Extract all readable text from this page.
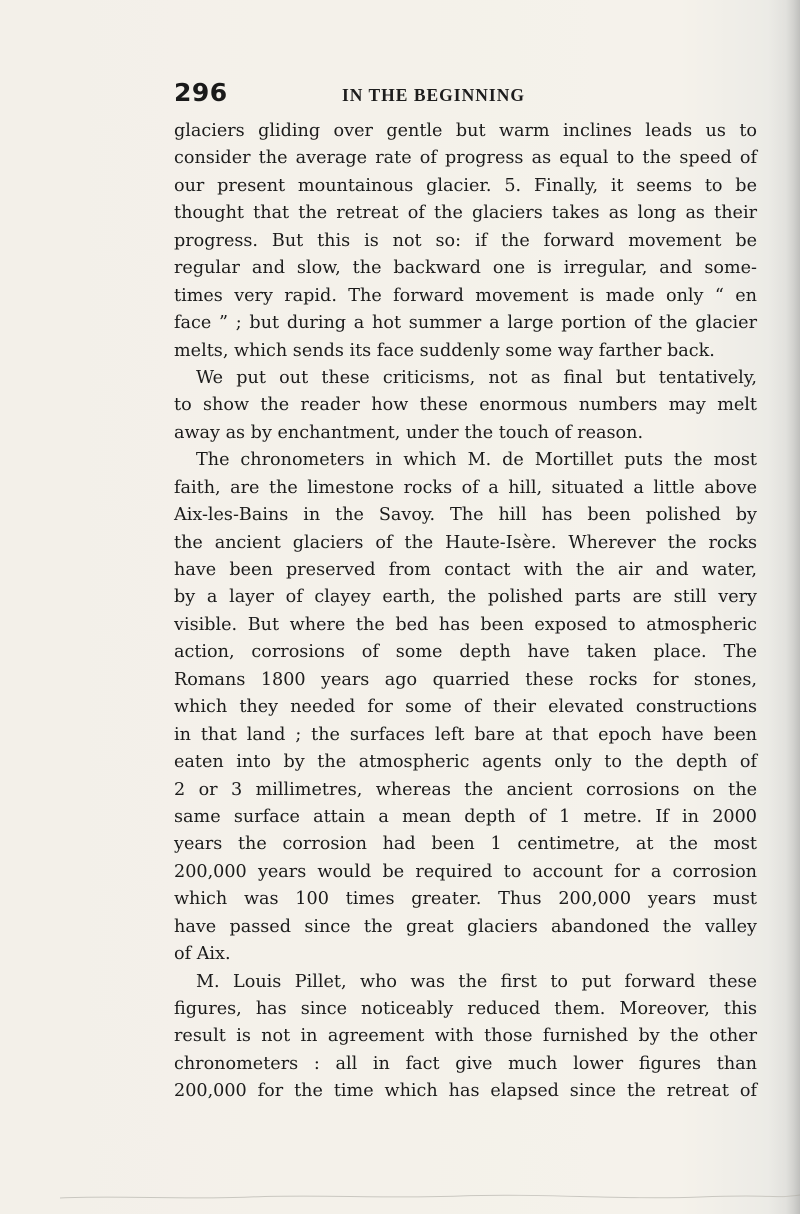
296	IN THE BEGINNING
glaciers gliding over gentle but warm inclines leads us to
consider the average rate of progress as equal to the speed of
our present mountainous glacier. 5. Finally, it seems to be
thought that the retreat of the glaciers takes as long as their
progress. But this is not so: if the forward movement be
regular and slow, the backward one is irregular, and some-
times very rapid. The forward movement is made only “ en
face ” ; but during a hot summer a large portion of the glacier
melts, which sends its face suddenly some way farther back.
We put out these criticisms, not as final but tentatively,
to show the reader how these enormous numbers may melt
away as by enchantment, under the touch of reason.
The chronometers in which M. de Mortillet puts the most
faith, are the limestone rocks of a hill, situated a little above
Aix-les-Bains in the Savoy. The hill has been polished by
the ancient glaciers of the Haute-Isère. Wherever the rocks
have been preserved from contact with the air and water,
by a layer of clayey earth, the polished parts are still very
visible. But where the bed has been exposed to atmospheric
action, corrosions of some depth have taken place. The
Romans 1800 years ago quarried these rocks for stones,
which they needed for some of their elevated constructions
in that land ; the surfaces left bare at that epoch have been
eaten into by the atmospheric agents only to the depth of
2 or 3 millimetres, whereas the ancient corrosions on the
same surface attain a mean depth of 1 metre. If in 2000
years the corrosion had been 1 centimetre, at the most
200,000 years would be required to account for a corrosion
which was 100 times greater. Thus 200,000 years must
have passed since the great glaciers abandoned the valley
of Aix.
M. Louis Pillet, who was the first to put forward these
figures, has since noticeably reduced them. Moreover, this
result is not in agreement with those furnished by the other
chronometers : all in fact give much lower figures than
200,000 for the time which has elapsed since the retreat of
